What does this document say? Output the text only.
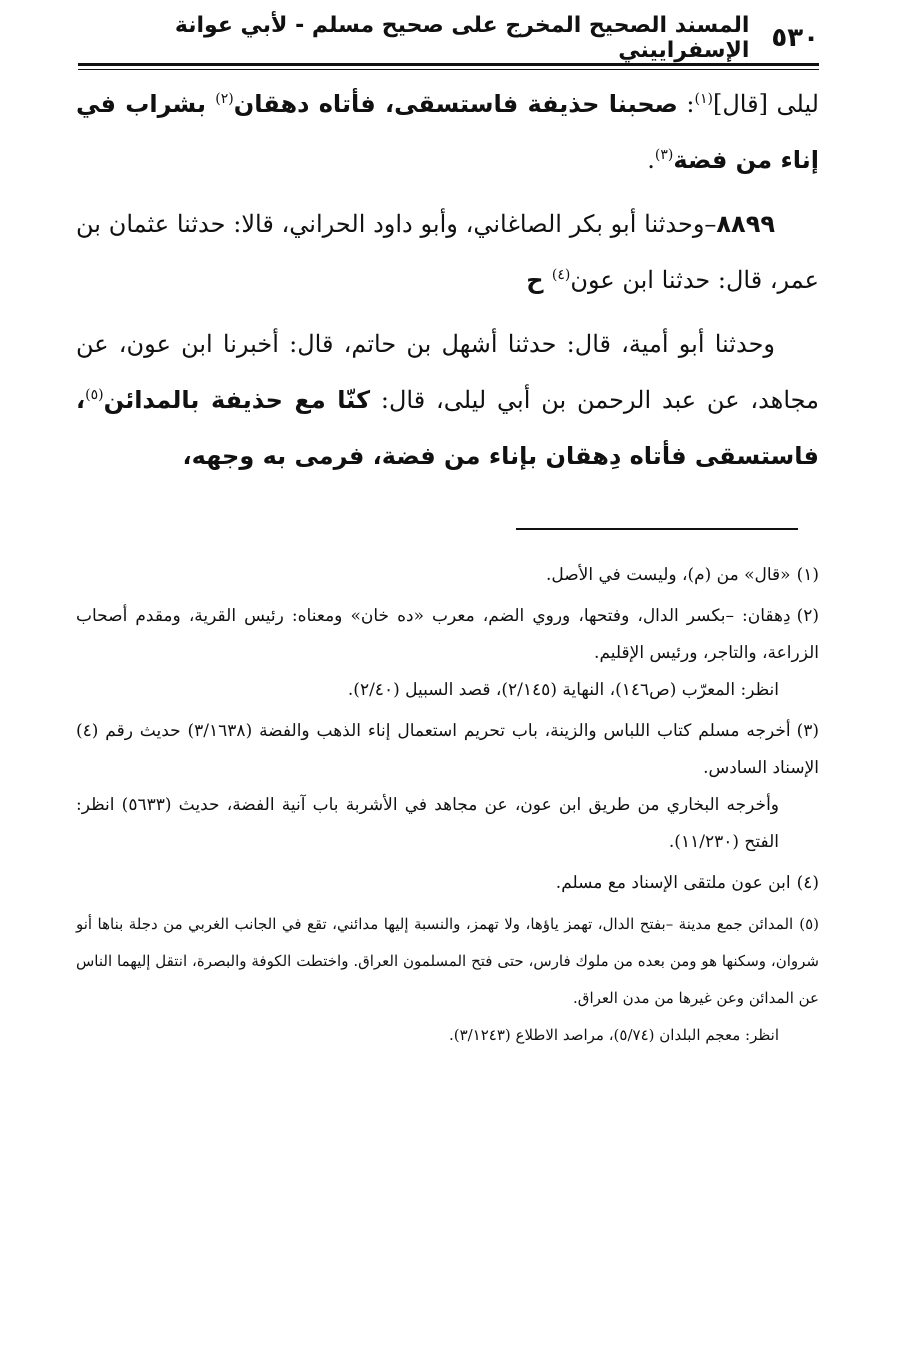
٥٣٠
المسند الصحيح المخرج على صحيح مسلم - لأبي عوانة الإسفراييني

ليلى [قال]$^{(١)}$: صحبنا حذيفة فاستسقى، فأتاه دهقان$^{(٢)}$ بشراب في إناء من فضة$^{(٣)}$.

٨٨٩٩–وحدثنا أبو بكر الصاغاني، وأبو داود الحراني، قالا: حدثنا عثمان بن عمر، قال: حدثنا ابن عون$^{(٤)}$ ح

وحدثنا أبو أمية، قال: حدثنا أشهل بن حاتم، قال: أخبرنا ابن عون، عن مجاهد، عن عبد الرحمن بن أبي ليلى، قال: كنّا مع حذيفة بالمدائن$^{(٥)}$، فاستسقى فأتاه دِهقان بإناء من فضة، فرمى به وجهه،

(١)«قال» من (م)، وليست في الأصل.

(٢)دِهقان: –بكسر الدال، وفتحها، وروي الضم، معرب «ده خان» ومعناه: رئيس القرية، ومقدم أصحاب الزراعة، والتاجر، ورئيس الإقليم.

انظر: المعرّب (ص١٤٦)، النهاية (٢/١٤٥)، قصد السبيل (٢/٤٠).

(٣)أخرجه مسلم كتاب اللباس والزينة، باب تحريم استعمال إناء الذهب والفضة (٣/١٦٣٨) حديث رقم (٤) الإسناد السادس.

وأخرجه البخاري من طريق ابن عون، عن مجاهد في الأشربة باب آنية الفضة، حديث (٥٦٣٣) انظر: الفتح (١١/٢٣٠).

(٤)ابن عون ملتقى الإسناد مع مسلم.

(٥)المدائن جمع مدينة –بفتح الدال، تهمز ياؤها، ولا تهمز، والنسبة إليها مدائني، تقع في الجانب الغربي من دجلة بناها أنو شروان، وسكنها هو ومن بعده من ملوك فارس، حتى فتح المسلمون العراق. واختطت الكوفة والبصرة، انتقل إليهما الناس عن المدائن وعن غيرها من مدن العراق.

انظر: معجم البلدان (٥/٧٤)، مراصد الاطلاع (٣/١٢٤٣).
